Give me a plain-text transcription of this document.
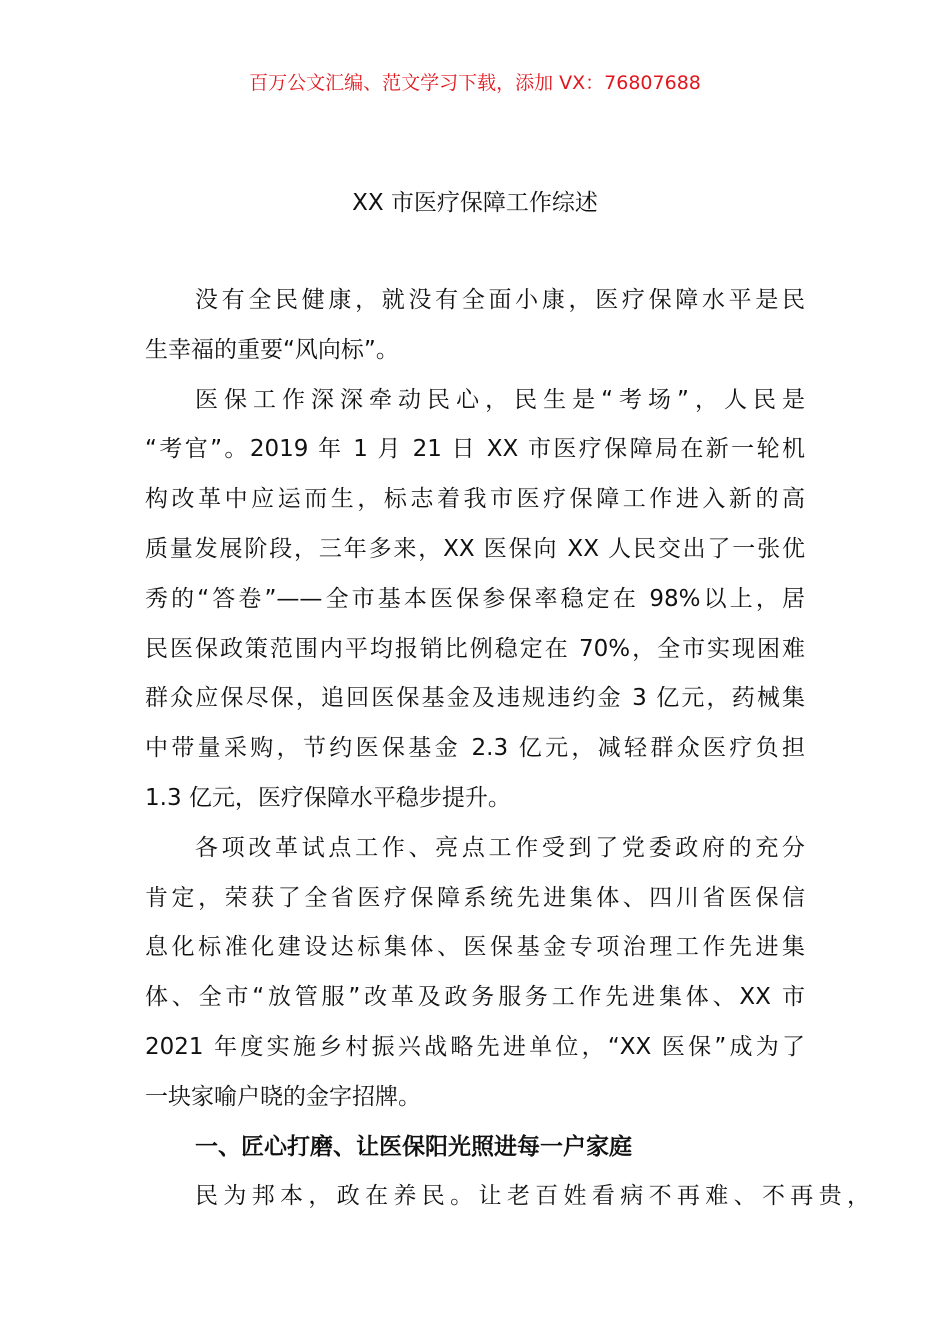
百万公文汇编、范文学习下载，添加 VX：76807688
XX 市医疗保障工作综述
没有全民健康，就没有全面小康，医疗保障水平是民
生幸福的重要“风向标”。
医保工作深深牵动民心，民生是“考场”，人民是
“考官”。2019 年 1 月 21 日 XX 市医疗保障局在新一轮机
构改革中应运而生，标志着我市医疗保障工作进入新的高
质量发展阶段，三年多来，XX 医保向 XX 人民交出了一张优
秀的“答卷”——全市基本医保参保率稳定在 98%以上，居
民医保政策范围内平均报销比例稳定在 70%，全市实现困难
群众应保尽保，追回医保基金及违规违约金 3 亿元，药械集
中带量采购，节约医保基金 2.3 亿元，减轻群众医疗负担
1.3 亿元，医疗保障水平稳步提升。
各项改革试点工作、亮点工作受到了党委政府的充分
肯定，荣获了全省医疗保障系统先进集体、四川省医保信
息化标准化建设达标集体、医保基金专项治理工作先进集
体、全市“放管服”改革及政务服务工作先进集体、XX 市
2021 年度实施乡村振兴战略先进单位，“XX 医保”成为了
一块家喻户晓的金字招牌。
一、匠心打磨、让医保阳光照进每一户家庭
民为邦本，政在养民。让老百姓看病不再难、不再贵，
